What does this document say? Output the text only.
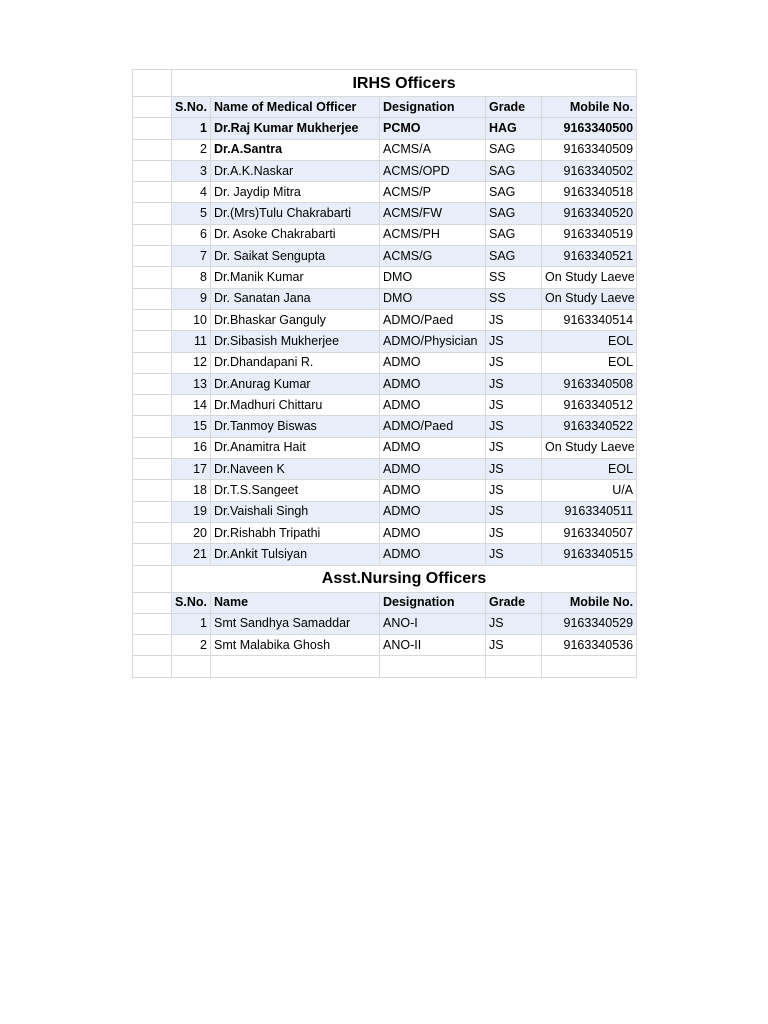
	IRHS Officers				
	S.No.	Name of Medical Officer	Designation	Grade	Mobile No.
	1	Dr.Raj Kumar Mukherjee	PCMO	HAG	9163340500
	2	Dr.A.Santra	ACMS/A	SAG	9163340509
	3	Dr.A.K.Naskar	ACMS/OPD	SAG	9163340502
	4	Dr. Jaydip Mitra	ACMS/P	SAG	9163340518
	5	Dr.(Mrs)Tulu Chakrabarti	ACMS/FW	SAG	9163340520
	6	Dr. Asoke Chakrabarti	ACMS/PH	SAG	9163340519
	7	Dr. Saikat Sengupta	ACMS/G	SAG	9163340521
	8	Dr.Manik Kumar	DMO	SS	On Study Laeve
	9	Dr. Sanatan Jana	DMO	SS	On Study Laeve
	10	Dr.Bhaskar Ganguly	ADMO/Paed	JS	9163340514
	11	Dr.Sibasish Mukherjee	ADMO/Physician	JS	EOL
	12	Dr.Dhandapani R.	ADMO	JS	EOL
	13	Dr.Anurag Kumar	ADMO	JS	9163340508
	14	Dr.Madhuri Chittaru	ADMO	JS	9163340512
	15	Dr.Tanmoy Biswas	ADMO/Paed	JS	9163340522
	16	Dr.Anamitra Hait	ADMO	JS	On Study Laeve
	17	Dr.Naveen K	ADMO	JS	EOL
	18	Dr.T.S.Sangeet	ADMO	JS	U/A
	19	Dr.Vaishali Singh	ADMO	JS	9163340511
	20	Dr.Rishabh Tripathi	ADMO	JS	9163340507
	21	Dr.Ankit Tulsiyan	ADMO	JS	9163340515
	Asst.Nursing Officers				
	S.No.	Name	Designation	Grade	Mobile No.
	1	Smt Sandhya Samaddar	ANO-I	JS	9163340529
	2	Smt Malabika Ghosh	ANO-II	JS	9163340536
